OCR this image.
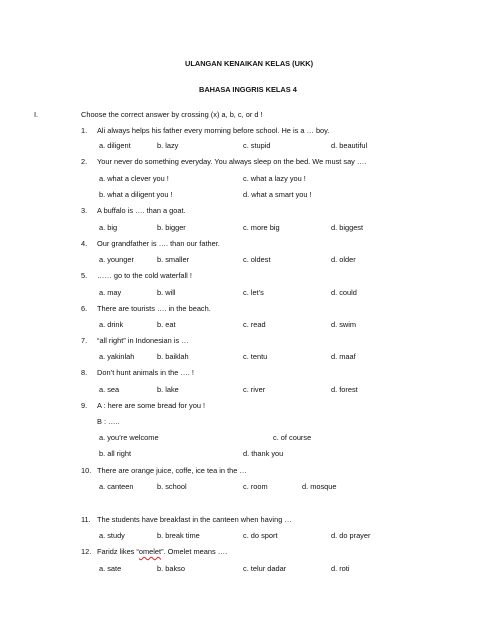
ULANGAN KENAIKAN KELAS (UKK)
BAHASA INGGRIS KELAS 4
I.	Choose the correct answer by crossing (x) a, b, c, or d !
1. Ali always helps his father every morning before school. He is a … boy.
a. diligent	b. lazy	c. stupid	d. beautiful
2. Your never do something everyday. You always sleep on the bed. We must say ….
a. what a clever you !	c. what a lazy you !
b. what a diligent you !	d. what a smart you !
3. A buffalo is …. than a goat.
a. big	b. bigger	c. more big	d. biggest
4. Our grandfather is …. than our father.
a. younger	b. smaller	c. oldest	d. older
5. …… go to the cold waterfall !
a. may	b. will	c. let’s	d. could
6. There are tourists …. in the beach.
a. drink	b. eat	c. read	d. swim
7. “all right” in Indonesian is …
a. yakinlah	b. baiklah	c. tentu	d. maaf
8. Don’t hunt animals in the …. !
a. sea	b. lake	c. river	d. forest
9. A : here are some bread for you !
B : …..
a. you’re welcome	c. of course
b. all right	d. thank you
10. There are orange juice, coffe, ice tea in the …
a. canteen	b. school	c. room	d. mosque
11. The students have breakfast in the canteen when having …
a. study	b. break time	c. do sport	d. do prayer
12. Faridz likes “omelet”. Omelet means ….
a. sate	b. bakso	c. telur dadar	d. roti
